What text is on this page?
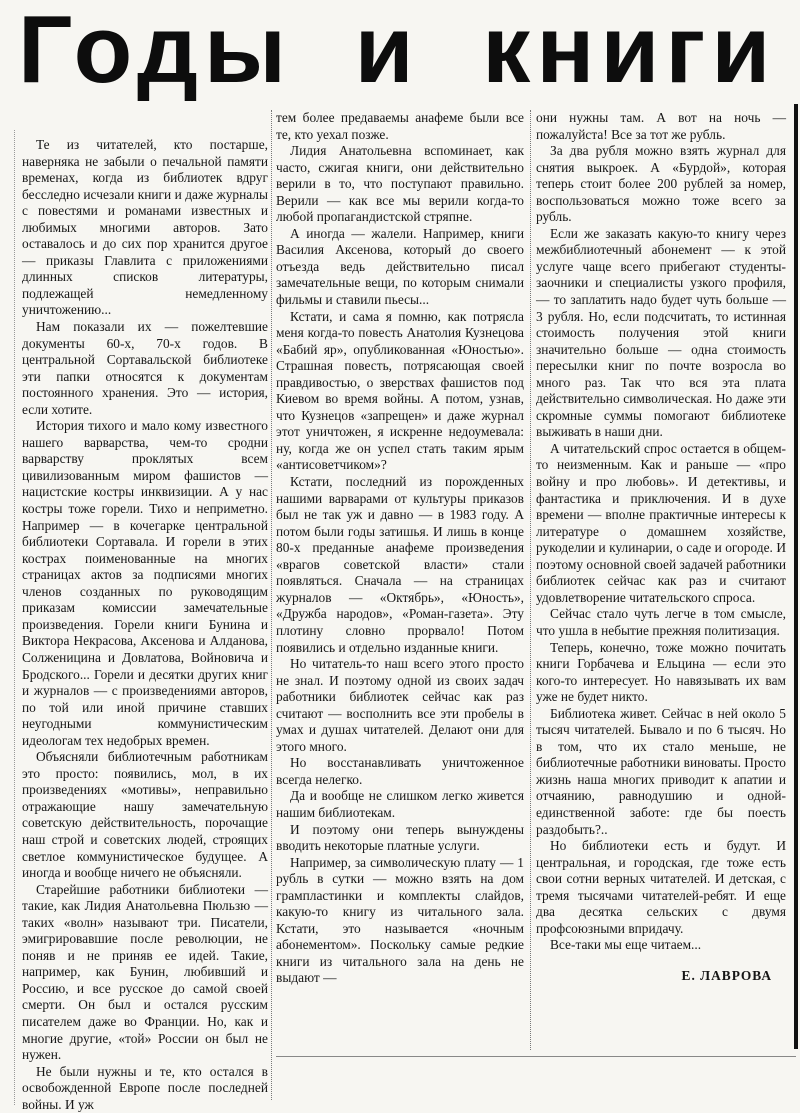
Годы и книги

Те из читателей, кто постарше, наверняка не забыли о печальной памяти временах, когда из библиотек вдруг бесследно исчезали книги и даже журналы с повестями и романами известных и любимых многими авторов. Зато оставалось и до сих пор хранится другое — приказы Главлита с приложениями длинных списков литературы, подлежащей немедленному уничтожению...

Нам показали их — пожелтевшие документы 60-х, 70-х годов. В центральной Сортавальской библиотеке эти папки относятся к документам постоянного хранения. Это — история, если хотите.

История тихого и мало кому известного нашего варварства, чем-то сродни варварству проклятых всем цивилизованным миром фашистов — нацистские костры инквизиции. А у нас костры тоже горели. Тихо и неприметно. Например — в кочегарке центральной библиотеки Сортавала. И горели в этих кострах поименованные на многих страницах актов за подписями многих членов созданных по руководящим приказам комиссии замечательные произведения. Горели книги Бунина и Виктора Некрасова, Аксенова и Алданова, Солженицина и Довлатова, Войновича и Бродского... Горели и десятки других книг и журналов — с произведениями авторов, по той или иной причине ставших неугодными коммунистическим идеологам тех недобрых времен.

Объясняли библиотечным работникам это просто: появились, мол, в их произведениях «мотивы», неправильно отражающие нашу замечательную советскую действительность, порочащие наш строй и советских людей, строящих светлое коммунистическое будущее. А иногда и вообще ничего не объясняли.

Старейшие работники библиотеки — такие, как Лидия Анатольевна Пюльзю — таких «волн» называют три. Писатели, эмигрировавшие после революции, не поняв и не приняв ее идей. Такие, например, как Бунин, любивший и Россию, и все русское до самой своей смерти. Он был и остался русским писателем даже во Франции. Но, как и многие другие, «той» России он был не нужен.

Не были нужны и те, кто остался в освобожденной Европе после последней войны. И уж

тем более предаваемы анафеме были все те, кто уехал позже.

Лидия Анатольевна вспоминает, как часто, сжигая книги, они действительно верили в то, что поступают правильно. Верили — как все мы верили когда-то любой пропагандистской стряпне.

А иногда — жалели. Например, книги Василия Аксенова, который до своего отъезда ведь действительно писал замечательные вещи, по которым снимали фильмы и ставили пьесы...

Кстати, и сама я помню, как потрясла меня когда-то повесть Анатолия Кузнецова «Бабий яр», опубликованная «Юностью». Страшная повесть, потрясающая своей правдивостью, о зверствах фашистов под Киевом во время войны. А потом, узнав, что Кузнецов «запрещен» и даже журнал этот уничтожен, я искренне недоумевала: ну, когда же он успел стать таким ярым «антисоветчиком»?

Кстати, последний из порожденных нашими варварами от культуры приказов был не так уж и давно — в 1983 году. А потом были годы затишья. И лишь в конце 80-х преданные анафеме произведения «врагов советской власти» стали появляться. Сначала — на страницах журналов — «Октябрь», «Юность», «Дружба народов», «Роман-газета». Эту плотину словно прорвало! Потом появились и отдельно изданные книги.

Но читатель-то наш всего этого просто не знал. И поэтому одной из своих задач работники библиотек сейчас как раз считают — восполнить все эти пробелы в умах и душах читателей. Делают они для этого много.

Но восстанавливать уничтоженное всегда нелегко.

Да и вообще не слишком легко живется нашим библиотекам.

И поэтому они теперь вынуждены вводить некоторые платные услуги.

Например, за символическую плату — 1 рубль в сутки — можно взять на дом грампластинки и комплекты слайдов, какую-то книгу из читального зала. Кстати, это называется «ночным абонементом». Поскольку самые редкие книги из читального зала на день не выдают —

они нужны там. А вот на ночь — пожалуйста! Все за тот же рубль.

За два рубля можно взять журнал для снятия выкроек. А «Бурдой», которая теперь стоит более 200 рублей за номер, воспользоваться можно тоже всего за рубль.

Если же заказать какую-то книгу через межбиблиотечный абонемент — к этой услуге чаще всего прибегают студенты-заочники и специалисты узкого профиля, — то заплатить надо будет чуть больше — 3 рубля. Но, если подсчитать, то истинная стоимость получения этой книги значительно больше — одна стоимость пересылки книг по почте возросла во много раз. Так что вся эта плата действительно символическая. Но даже эти скромные суммы помогают библиотеке выживать в наши дни.

А читательский спрос остается в общем-то неизменным. Как и раньше — «про войну и про любовь». И детективы, и фантастика и приключения. И в духе времени — вполне практичные интересы к литературе о домашнем хозяйстве, рукоделии и кулинарии, о саде и огороде. И поэтому основной своей задачей работники библиотек сейчас как раз и считают удовлетворение читательского спроса.

Сейчас стало чуть легче в том смысле, что ушла в небытие прежняя политизация.

Теперь, конечно, тоже можно почитать книги Горбачева и Ельцина — если это кого-то интересует. Но навязывать их вам уже не будет никто.

Библиотека живет. Сейчас в ней около 5 тысяч читателей. Бывало и по 6 тысяч. Но в том, что их стало меньше, не библиотечные работники виноваты. Просто жизнь наша многих приводит к апатии и отчаянию, равнодушию и одной-единственной заботе: где бы поесть раздобыть?..

Но библиотеки есть и будут. И центральная, и городская, где тоже есть свои сотни верных читателей. И детская, с тремя тысячами читателей-ребят. И еще два десятка сельских с двумя профсоюзными впридачу.

Все-таки мы еще читаем...

Е. ЛАВРОВА
